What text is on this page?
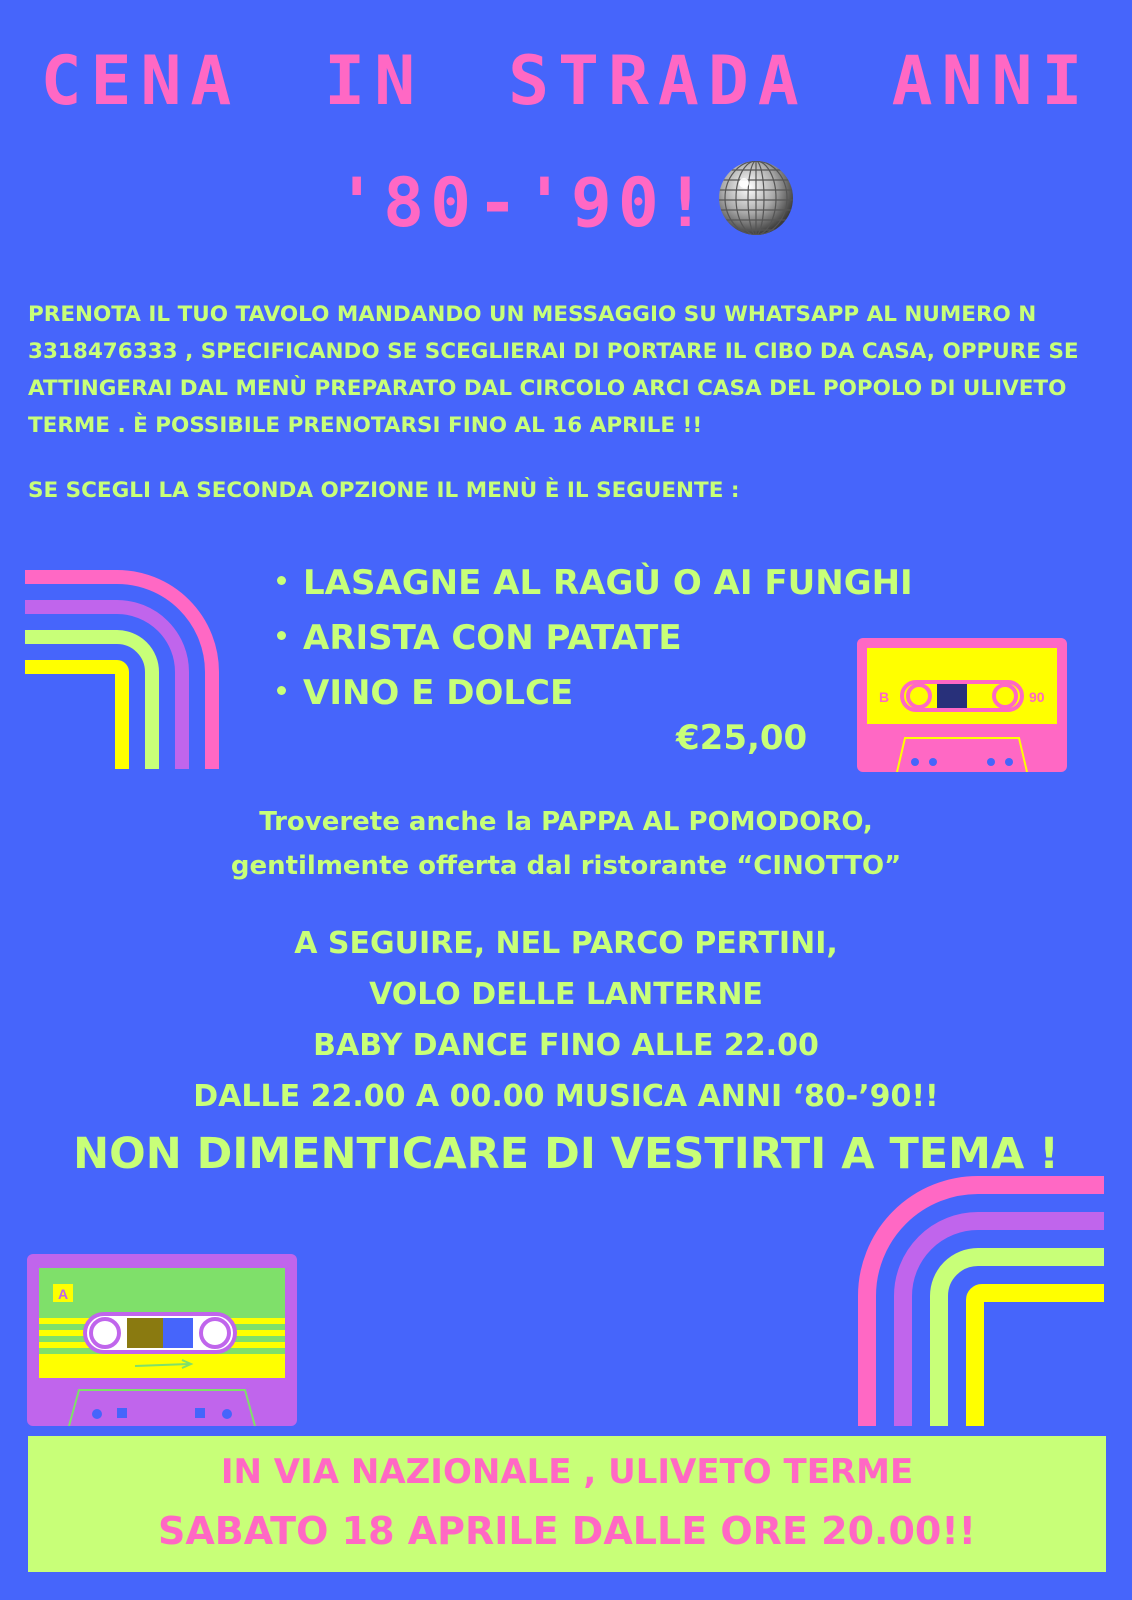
CENA IN STRADA ANNI
'80-'90!
PRENOTA IL TUO TAVOLO MANDANDO UN MESSAGGIO SU WHATSAPP AL NUMERO N 3318476333 , SPECIFICANDO SE SCEGLIERAI DI PORTARE IL CIBO DA CASA, OPPURE SE ATTINGERAI DAL MENÙ PREPARATO DAL CIRCOLO ARCI CASA DEL POPOLO DI ULIVETO TERME . È POSSIBILE PRENOTARSI FINO AL 16 APRILE !!
SE SCEGLI LA SECONDA OPZIONE IL MENÙ È IL SEGUENTE :
LASAGNE AL RAGÙ O AI FUNGHI
ARISTA CON PATATE
VINO E DOLCE
€25,00
B	90
Troverete anche la PAPPA AL POMODORO,
gentilmente offerta dal ristorante “CINOTTO”
A SEGUIRE, NEL PARCO PERTINI,
VOLO DELLE LANTERNE
BABY DANCE FINO ALLE 22.00
DALLE 22.00 A 00.00 MUSICA ANNI ‘80-’90!!
NON DIMENTICARE DI VESTIRTI A TEMA !
A
IN VIA NAZIONALE , ULIVETO TERME
SABATO 18 APRILE DALLE ORE 20.00!!
